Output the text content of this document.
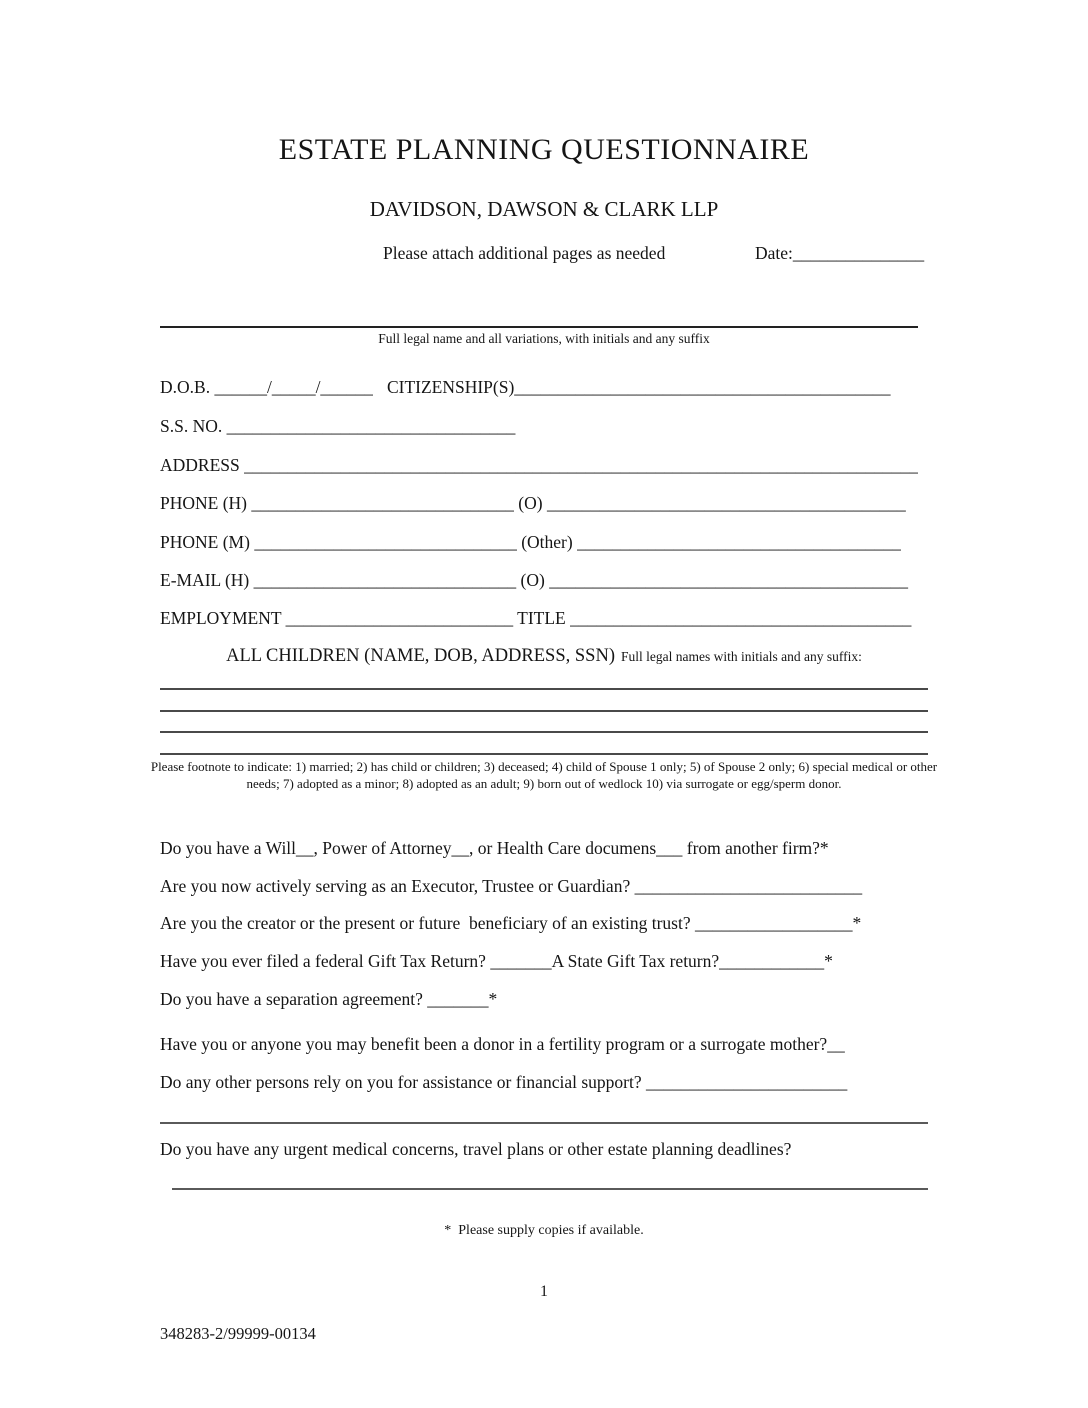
ESTATE PLANNING QUESTIONNAIRE
DAVIDSON, DAWSON & CLARK LLP
Please attach additional pages as needed	Date:_______________
Full legal name and all variations, with initials and any suffix
D.O.B. ______/_____/______ CITIZENSHIP(S)___________________________________________
S.S. NO. _________________________________
ADDRESS _____________________________________________________________________________
PHONE (H) ______________________________ (O) _________________________________________
PHONE (M) ______________________________ (Other) _____________________________________
E-MAIL (H) ______________________________ (O) _________________________________________
EMPLOYMENT __________________________ TITLE _______________________________________
ALL CHILDREN (NAME, DOB, ADDRESS, SSN) Full legal names with initials and any suffix:
Please footnote to indicate: 1) married; 2) has child or children; 3) deceased; 4) child of Spouse 1 only; 5) of Spouse 2 only; 6) special medical or other needs; 7) adopted as a minor; 8) adopted as an adult; 9) born out of wedlock 10) via surrogate or egg/sperm donor.
Do you have a Will__, Power of Attorney__, or Health Care documens___ from another firm?*
Are you now actively serving as an Executor, Trustee or Guardian? __________________________
Are you the creator or the present or future  beneficiary of an existing trust? __________________*
Have you ever filed a federal Gift Tax Return? _______A State Gift Tax return?____________*
Do you have a separation agreement? _______*
Have you or anyone you may benefit been a donor in a fertility program or a surrogate mother?__
Do any other persons rely on you for assistance or financial support? _______________________
Do you have any urgent medical concerns, travel plans or other estate planning deadlines?
*  Please supply copies if available.
1
348283-2/99999-00134
